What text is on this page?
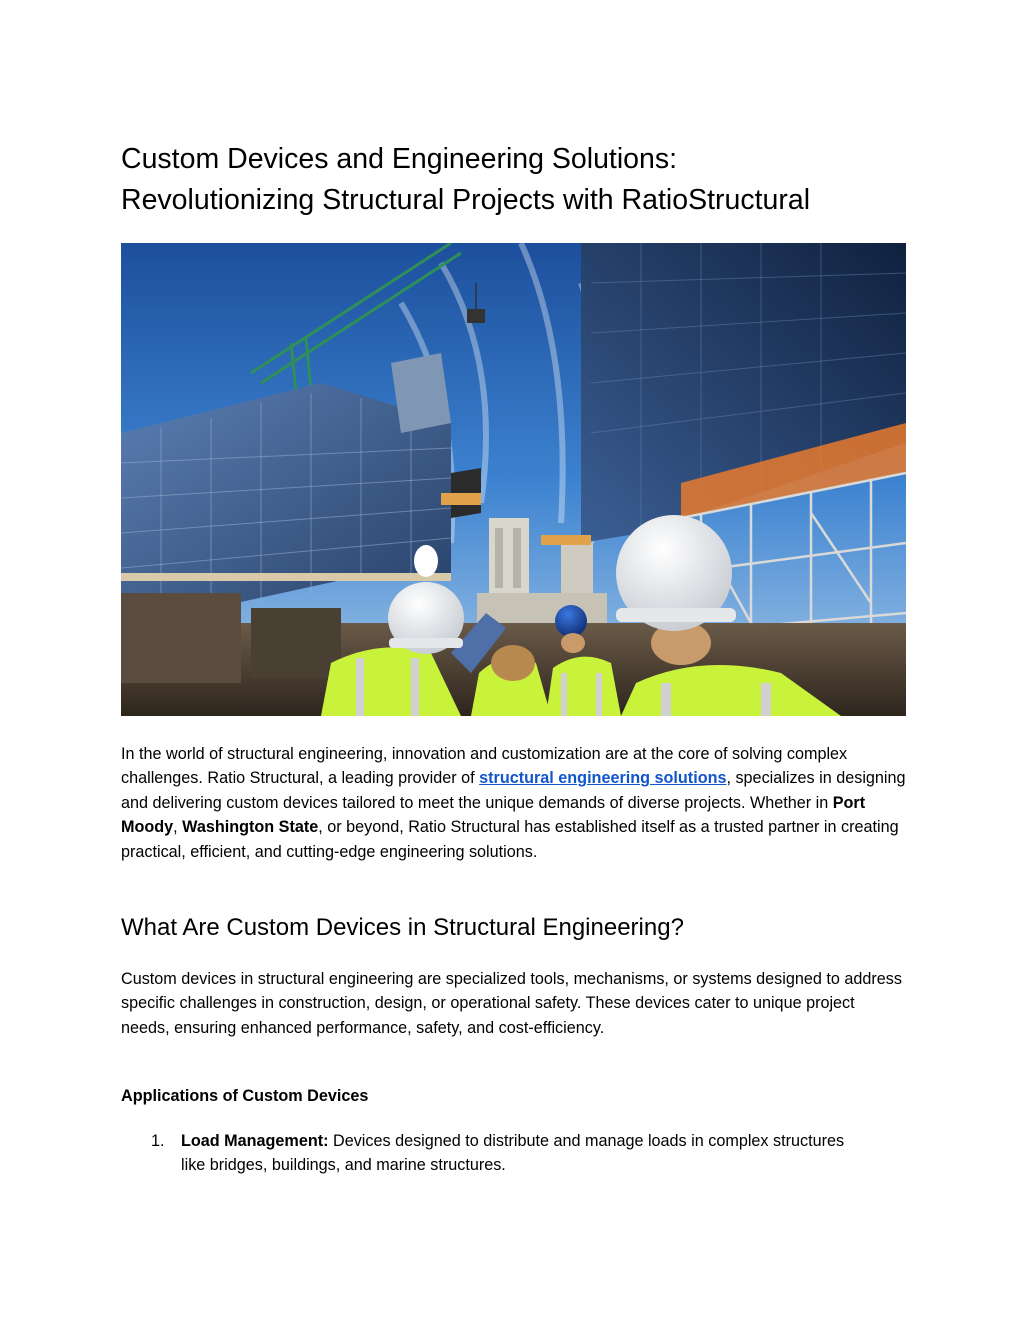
Custom Devices and Engineering Solutions:
Revolutionizing Structural Projects with RatioStructural

In the world of structural engineering, innovation and customization are at the core of solving complex challenges. Ratio Structural, a leading provider of structural engineering solutions, specializes in designing and delivering custom devices tailored to meet the unique demands of diverse projects. Whether in Port Moody, Washington State, or beyond, Ratio Structural has established itself as a trusted partner in creating practical, efficient, and cutting-edge engineering solutions.

What Are Custom Devices in Structural Engineering?

Custom devices in structural engineering are specialized tools, mechanisms, or systems designed to address specific challenges in construction, design, or operational safety. These devices cater to unique project needs, ensuring enhanced performance, safety, and cost-efficiency.

Applications of Custom Devices
1. Load Management: Devices designed to distribute and manage loads in complex structures like bridges, buildings, and marine structures.
